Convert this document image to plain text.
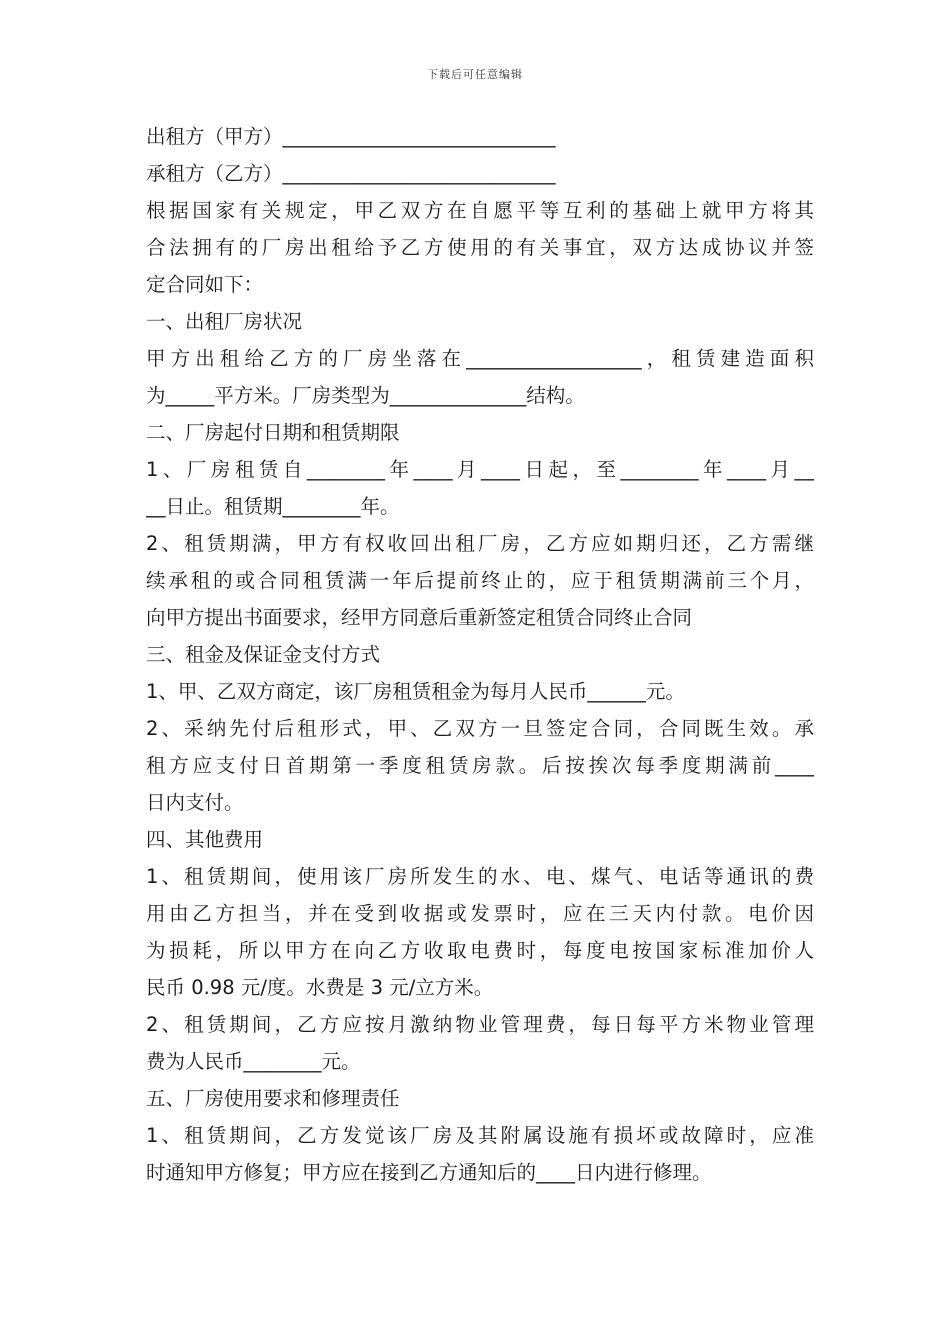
下载后可任意编辑
出租方（甲方）____________________________
承租方（乙方）____________________________
根据国家有关规定，甲乙双方在自愿平等互利的基础上就甲方将其
合法拥有的厂房出租给予乙方使用的有关事宜，双方达成协议并签
定合同如下：
一、出租厂房状况
甲方出租给乙方的厂房坐落在__________________，租赁建造面积
为_____平方米。厂房类型为______________结构。
二、厂房起付日期和租赁期限
1、厂房租赁自________年____月____日起，至________年____月__
__日止。租赁期________年。
2、租赁期满，甲方有权收回出租厂房，乙方应如期归还，乙方需继
续承租的或合同租赁满一年后提前终止的，应于租赁期满前三个月，
向甲方提出书面要求，经甲方同意后重新签定租赁合同终止合同
三、租金及保证金支付方式
1、甲、乙双方商定，该厂房租赁租金为每月人民币______元。
2、采纳先付后租形式，甲、乙双方一旦签定合同，合同既生效。承
租方应支付日首期第一季度租赁房款。后按挨次每季度期满前____
日内支付。
四、其他费用
1、租赁期间，使用该厂房所发生的水、电、煤气、电话等通讯的费
用由乙方担当，并在受到收据或发票时，应在三天内付款。电价因
为损耗，所以甲方在向乙方收取电费时，每度电按国家标准加价人
民币 0.98 元/度。水费是 3 元/立方米。
2、租赁期间，乙方应按月激纳物业管理费，每日每平方米物业管理
费为人民币________元。
五、厂房使用要求和修理责任
1、租赁期间，乙方发觉该厂房及其附属设施有损坏或故障时，应准
时通知甲方修复；甲方应在接到乙方通知后的____日内进行修理。
